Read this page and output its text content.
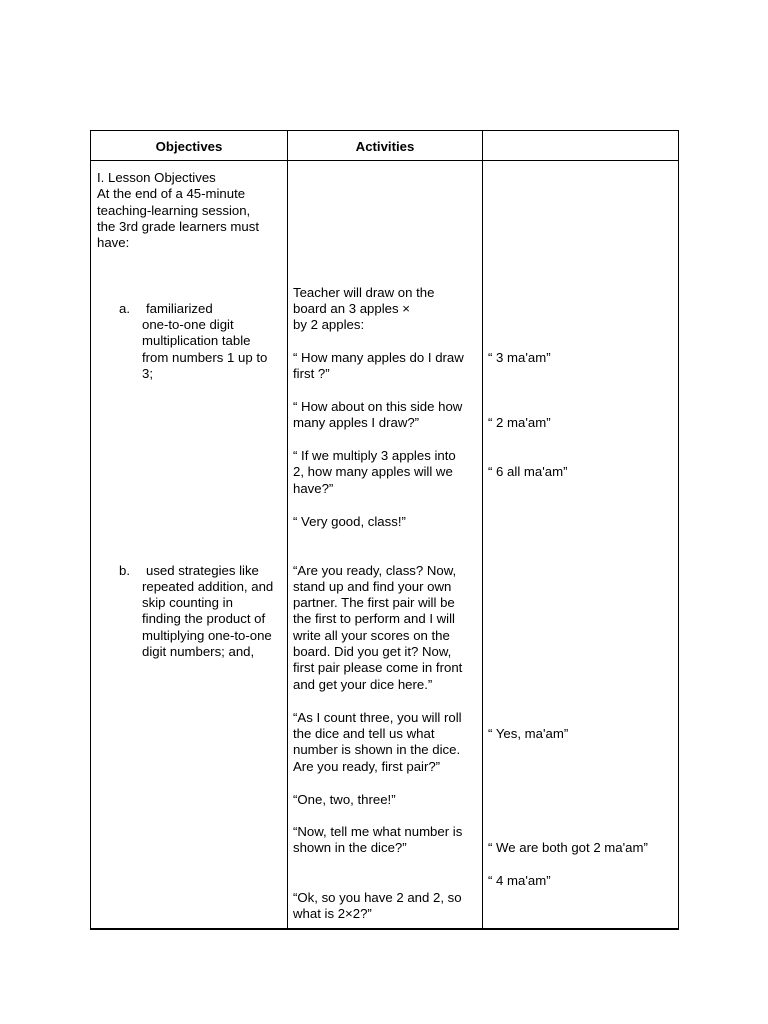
Objectives	Activities
I. Lesson Objectives
At the end of a 45-minute
teaching-learning session,
the 3rd grade learners must
have:
a. familiarized
one-to-one digit
multiplication table
from numbers 1 up to
3;
b. used strategies like
repeated addition, and
skip counting in
finding the product of
multiplying one-to-one
digit numbers; and,
Teacher will draw on the
board an 3 apples ×
by 2 apples:
“ How many apples do I draw
first ?”
“ How about on this side how
many apples I draw?”
“ If we multiply 3 apples into
2, how many apples will we
have?”
“ Very good, class!”
“Are you ready, class? Now,
stand up and find your own
partner. The first pair will be
the first to perform and I will
write all your scores on the
board. Did you get it? Now,
first pair please come in front
and get your dice here.”
“As I count three, you will roll
the dice and tell us what
number is shown in the dice.
Are you ready, first pair?”
“One, two, three!”
“Now, tell me what number is
shown in the dice?”
“Ok, so you have 2 and 2, so
what is 2×2?”
“ 3 ma'am”
“ 2 ma'am”
“ 6 all ma'am”
“ Yes, ma'am”
“ We are both got 2 ma'am”
“ 4 ma'am”
